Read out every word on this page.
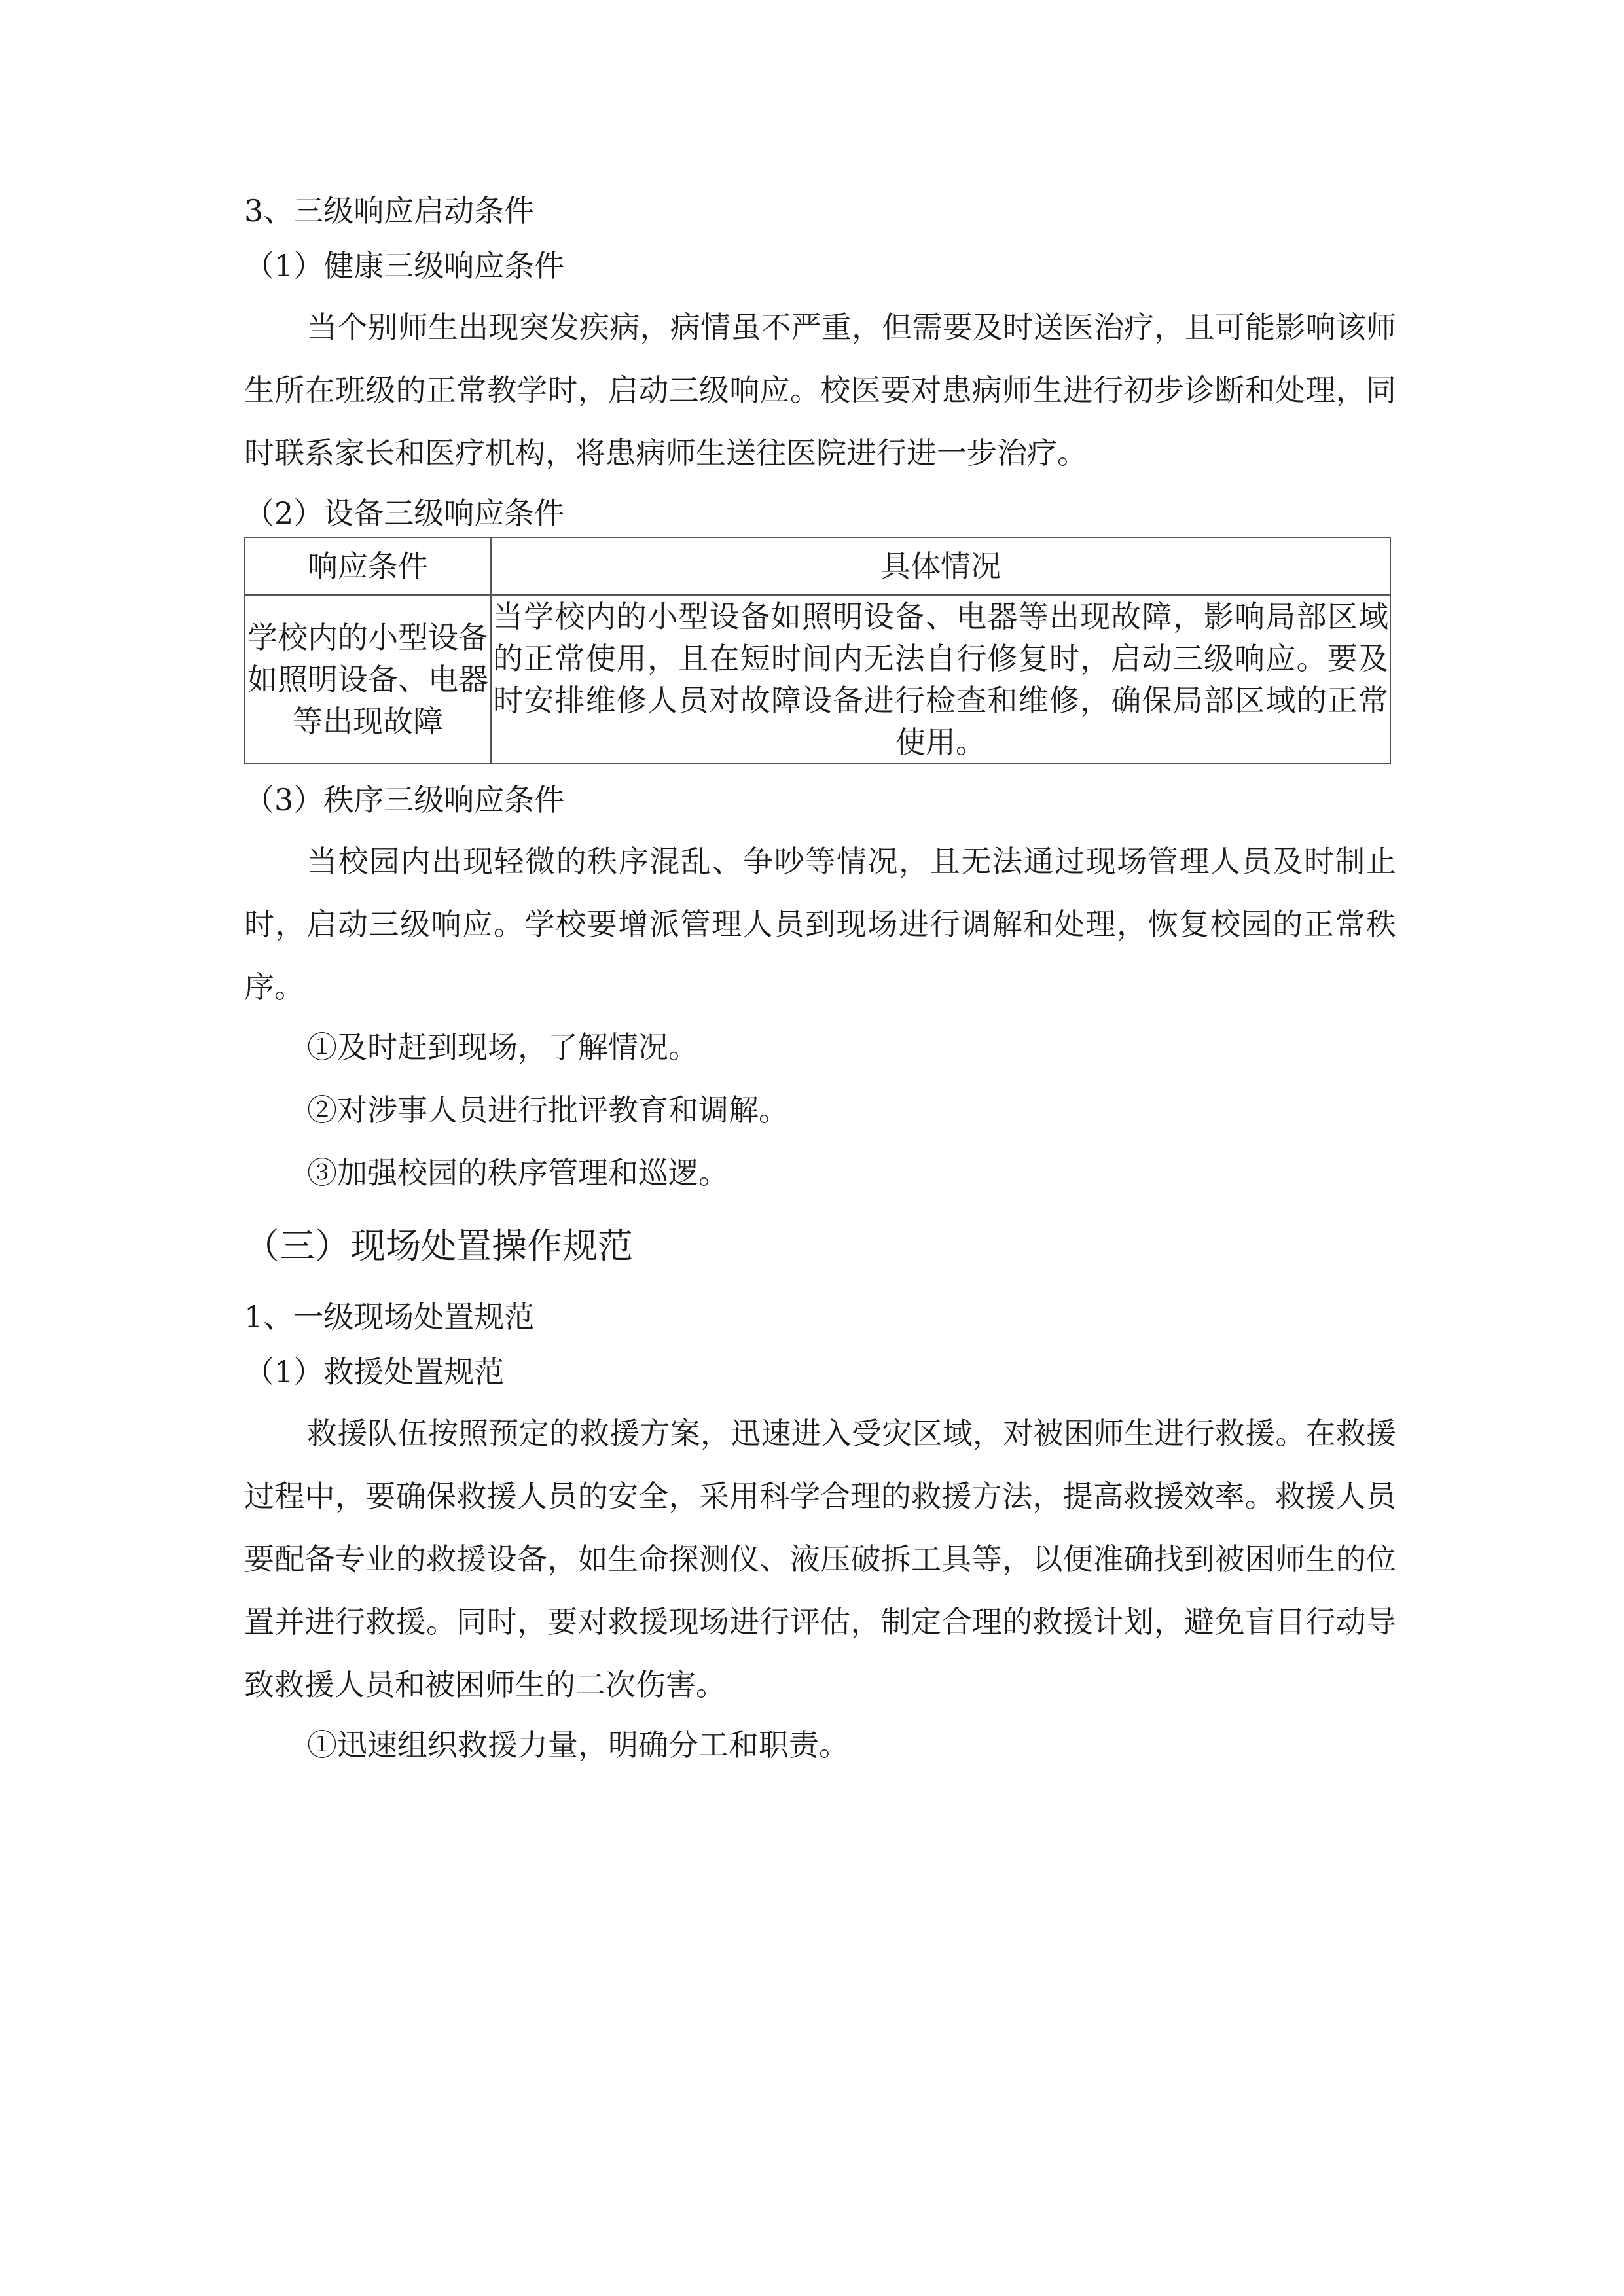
3、三级响应启动条件
（1）健康三级响应条件
当个别师生出现突发疾病，病情虽不严重，但需要及时送医治疗，且可能影响该师生所在班级的正常教学时，启动三级响应。校医要对患病师生进行初步诊断和处理，同时联系家长和医疗机构，将患病师生送往医院进行进一步治疗。
（2）设备三级响应条件
响应条件	具体情况
学校内的小型设备如照明设备、电器等出现故障	当学校内的小型设备如照明设备、电器等出现故障，影响局部区域的正常使用，且在短时间内无法自行修复时，启动三级响应。要及时安排维修人员对故障设备进行检查和维修，确保局部区域的正常使用。
（3）秩序三级响应条件
当校园内出现轻微的秩序混乱、争吵等情况，且无法通过现场管理人员及时制止时，启动三级响应。学校要增派管理人员到现场进行调解和处理，恢复校园的正常秩序。
①及时赶到现场，了解情况。
②对涉事人员进行批评教育和调解。
③加强校园的秩序管理和巡逻。
（三）现场处置操作规范
1、一级现场处置规范
（1）救援处置规范
救援队伍按照预定的救援方案，迅速进入受灾区域，对被困师生进行救援。在救援过程中，要确保救援人员的安全，采用科学合理的救援方法，提高救援效率。救援人员要配备专业的救援设备，如生命探测仪、液压破拆工具等，以便准确找到被困师生的位置并进行救援。同时，要对救援现场进行评估，制定合理的救援计划，避免盲目行动导致救援人员和被困师生的二次伤害。
①迅速组织救援力量，明确分工和职责。
